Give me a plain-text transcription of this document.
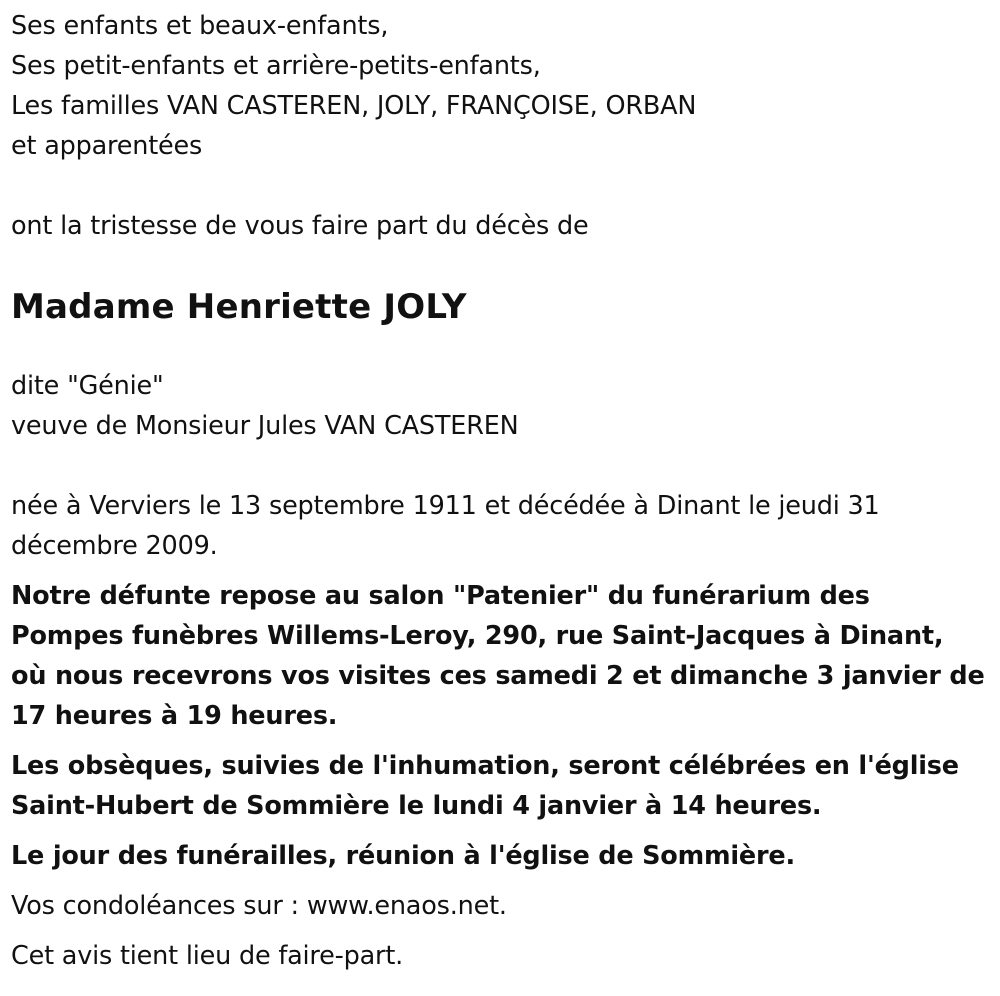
Ses enfants et beaux-enfants,

Ses petit-enfants et arrière-petits-enfants,

Les familles VAN CASTEREN, JOLY, FRANÇOISE, ORBAN

et apparentées

ont la tristesse de vous faire part du décès de

Madame Henriette JOLY

dite "Génie"

veuve de Monsieur Jules VAN CASTEREN

née à Verviers le 13 septembre 1911 et décédée à Dinant le jeudi 31 décembre 2009.

Notre défunte repose au salon "Patenier" du funérarium des Pompes funèbres Willems-Leroy, 290, rue Saint-Jacques à Dinant, où nous recevrons vos visites ces samedi 2 et dimanche 3 janvier de 17 heures à 19 heures.

Les obsèques, suivies de l'inhumation, seront célébrées en l'église Saint-Hubert de Sommière le lundi 4 janvier à 14 heures.

Le jour des funérailles, réunion à l'église de Sommière.

Vos condoléances sur : www.enaos.net.

Cet avis tient lieu de faire-part.
